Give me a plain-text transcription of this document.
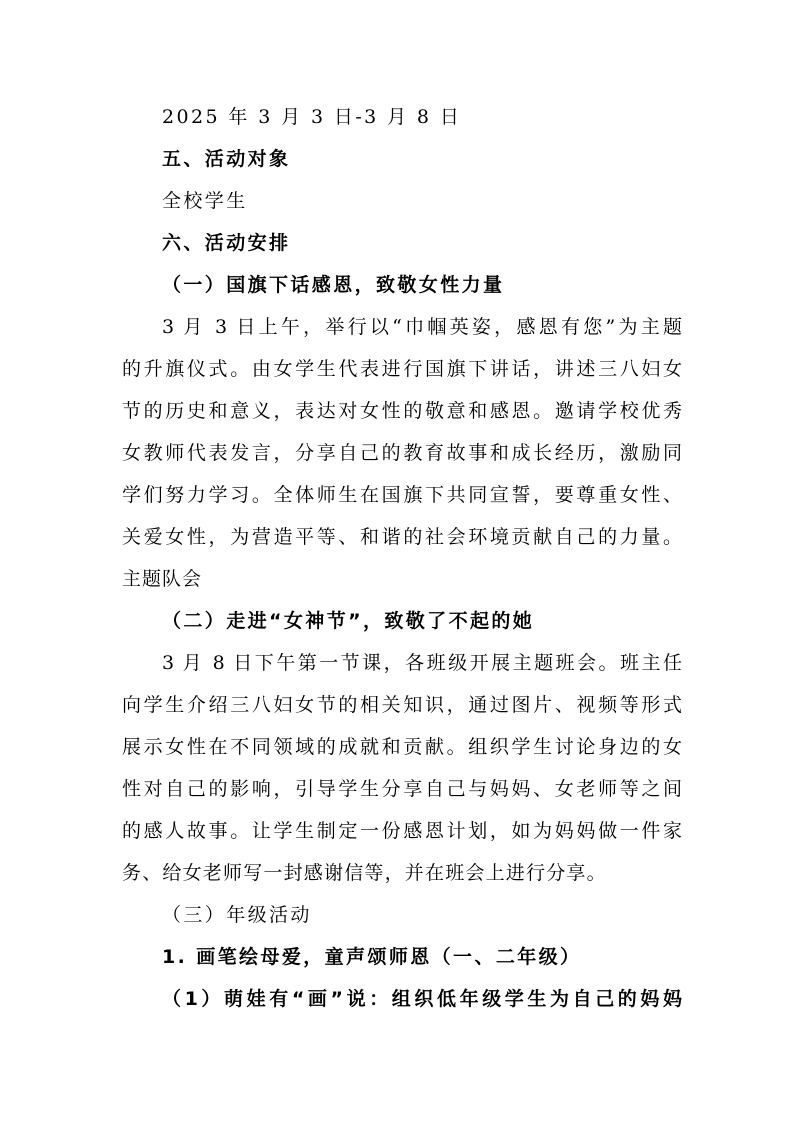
2025 年 3 月 3 日-3 月 8 日
五、活动对象
全校学生
六、活动安排
（一）国旗下话感恩，致敬女性力量
3 月 3 日上午，举行以“巾帼英姿，感恩有您”为主题
的升旗仪式。由女学生代表进行国旗下讲话，讲述三八妇女
节的历史和意义，表达对女性的敬意和感恩。邀请学校优秀
女教师代表发言，分享自己的教育故事和成长经历，激励同
学们努力学习。全体师生在国旗下共同宣誓，要尊重女性、
关爱女性，为营造平等、和谐的社会环境贡献自己的力量。
主题队会
（二）走进“女神节”，致敬了不起的她
3 月 8 日下午第一节课，各班级开展主题班会。班主任
向学生介绍三八妇女节的相关知识，通过图片、视频等形式
展示女性在不同领域的成就和贡献。组织学生讨论身边的女
性对自己的影响，引导学生分享自己与妈妈、女老师等之间
的感人故事。让学生制定一份感恩计划，如为妈妈做一件家
务、给女老师写一封感谢信等，并在班会上进行分享。
（三）年级活动
1. 画笔绘母爱，童声颂师恩（一、二年级）
（1）萌娃有“画”说：组织低年级学生为自己的妈妈
